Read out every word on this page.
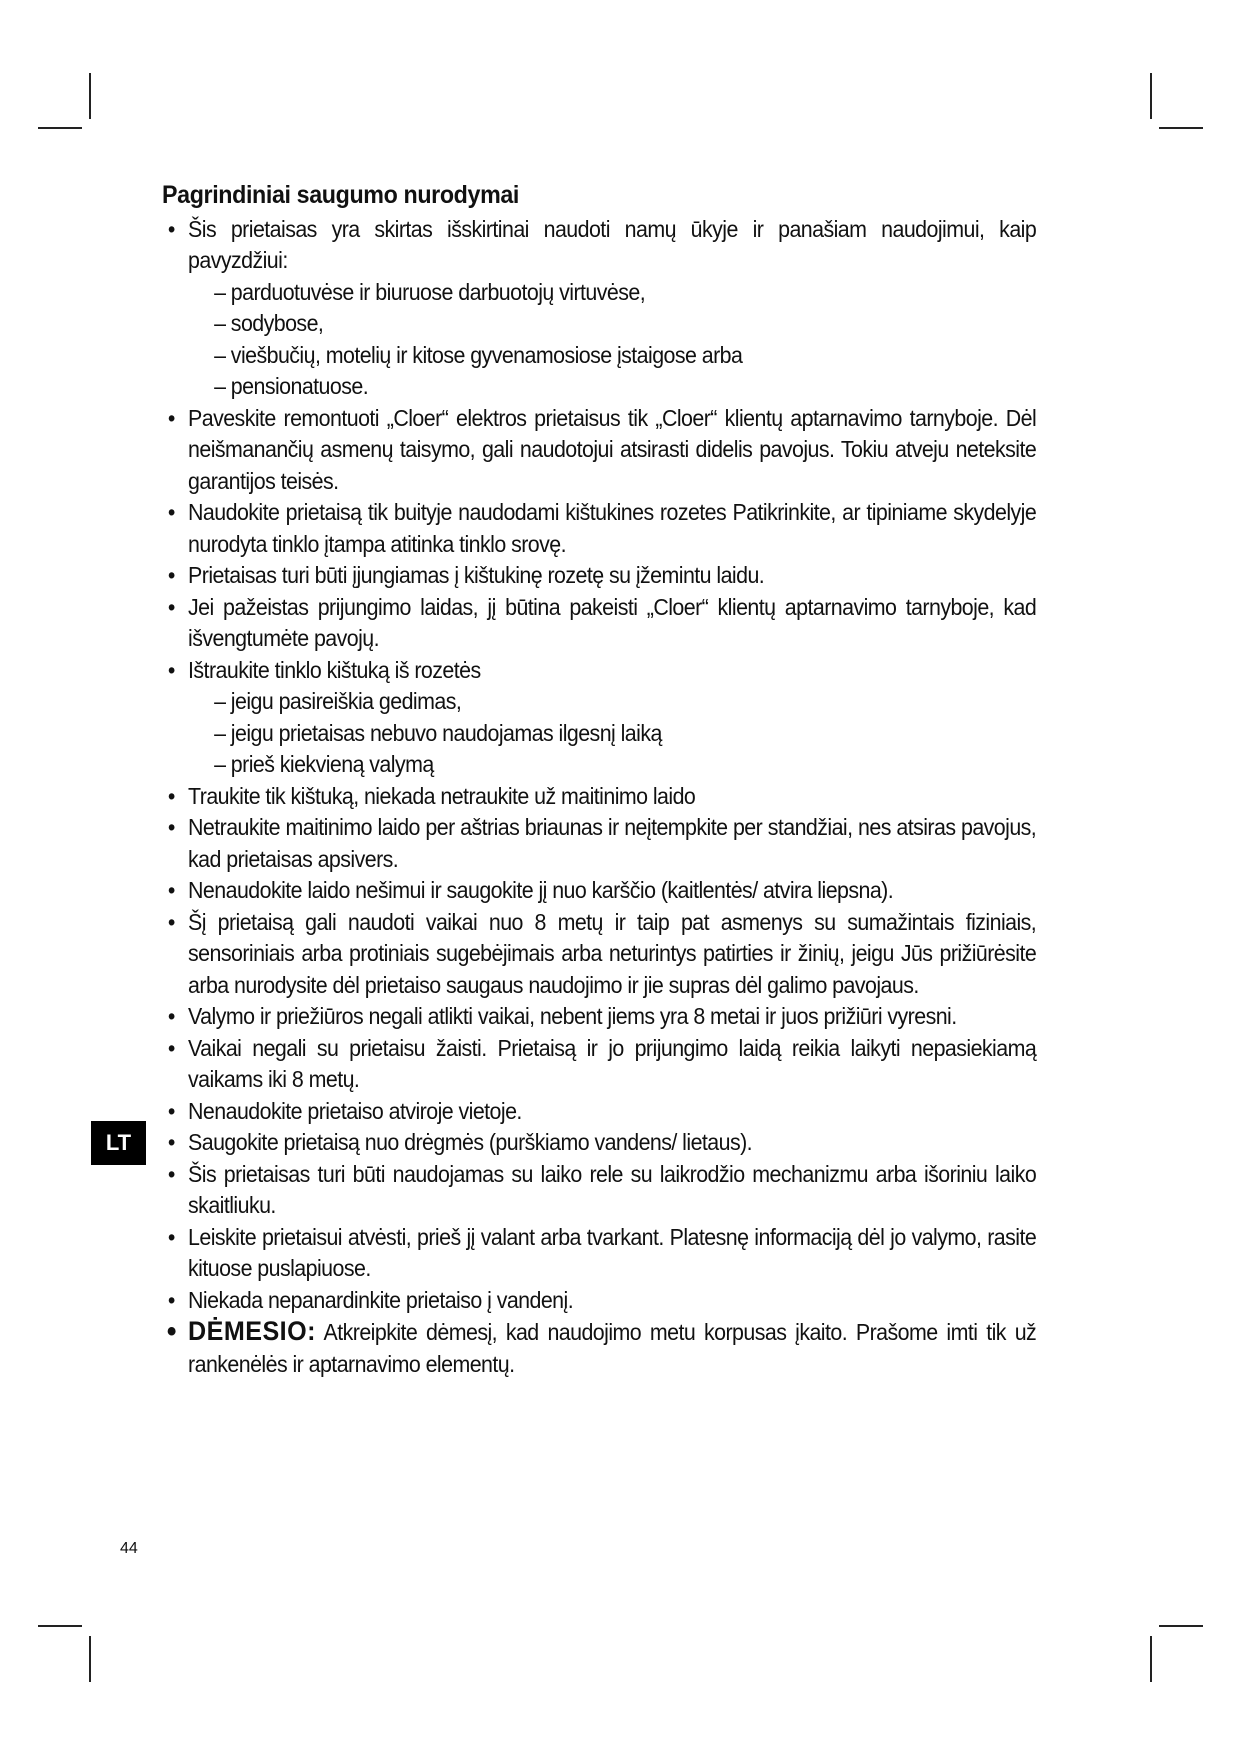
Pagrindiniai saugumo nurodymai
• Šis prietaisas yra skirtas išskirtinai naudoti namų ūkyje ir panašiam naudojimui, kaip pavyzdžiui:
– parduotuvėse ir biuruose darbuotojų virtuvėse,
– sodybose,
– viešbučių, motelių ir kitose gyvenamosiose įstaigose arba
– pensionatuose.
• Paveskite remontuoti „Cloer“ elektros prietaisus tik „Cloer“ klientų aptarnavimo tarnyboje. Dėl neišmanančių asmenų taisymo, gali naudotojui atsirasti didelis pavojus. Tokiu atveju neteksite garantijos teisės.
• Naudokite prietaisą tik buityje naudodami kištukines rozetes Patikrinkite, ar tipiniame skydelyje nurodyta tinklo įtampa atitinka tinklo srovę.
• Prietaisas turi būti įjungiamas į kištukinę rozetę su įžemintu laidu.
• Jei pažeistas prijungimo laidas, jį būtina pakeisti „Cloer“ klientų aptarnavimo tarnyboje, kad išvengtumėte pavojų.
• Ištraukite tinklo kištuką iš rozetės
– jeigu pasireiškia gedimas,
– jeigu prietaisas nebuvo naudojamas ilgesnį laiką
– prieš kiekvieną valymą
• Traukite tik kištuką, niekada netraukite už maitinimo laido
• Netraukite maitinimo laido per aštrias briaunas ir neįtempkite per standžiai, nes atsiras pavojus, kad prietaisas apsivers.
• Nenaudokite laido nešimui ir saugokite jį nuo karščio (kaitlentės/ atvira liepsna).
• Šį prietaisą gali naudoti vaikai nuo 8 metų ir taip pat asmenys su sumažintais fiziniais, sensoriniais arba protiniais sugebėjimais arba neturintys patirties ir žinių, jeigu Jūs prižiūrėsite arba nurodysite dėl prietaiso saugaus naudojimo ir jie supras dėl galimo pavojaus.
• Valymo ir priežiūros negali atlikti vaikai, nebent jiems yra 8 metai ir juos prižiūri vyresni.
• Vaikai negali su prietaisu žaisti. Prietaisą ir jo prijungimo laidą reikia laikyti nepasiekiamą vaikams iki 8 metų.
• Nenaudokite prietaiso atviroje vietoje.
• Saugokite prietaisą nuo drėgmės (purškiamo vandens/ lietaus).
• Šis prietaisas turi būti naudojamas su laiko rele su laikrodžio mechanizmu arba išoriniu laiko skaitliuku.
• Leiskite prietaisui atvėsti, prieš jį valant arba tvarkant. Platesnę informaciją dėl jo valymo, rasite kituose puslapiuose.
• Niekada nepanardinkite prietaiso į vandenį.
• DĖMESIO: Atkreipkite dėmesį, kad naudojimo metu korpusas įkaito. Prašome imti tik už rankenėlės ir aptarnavimo elementų.
LT
44
